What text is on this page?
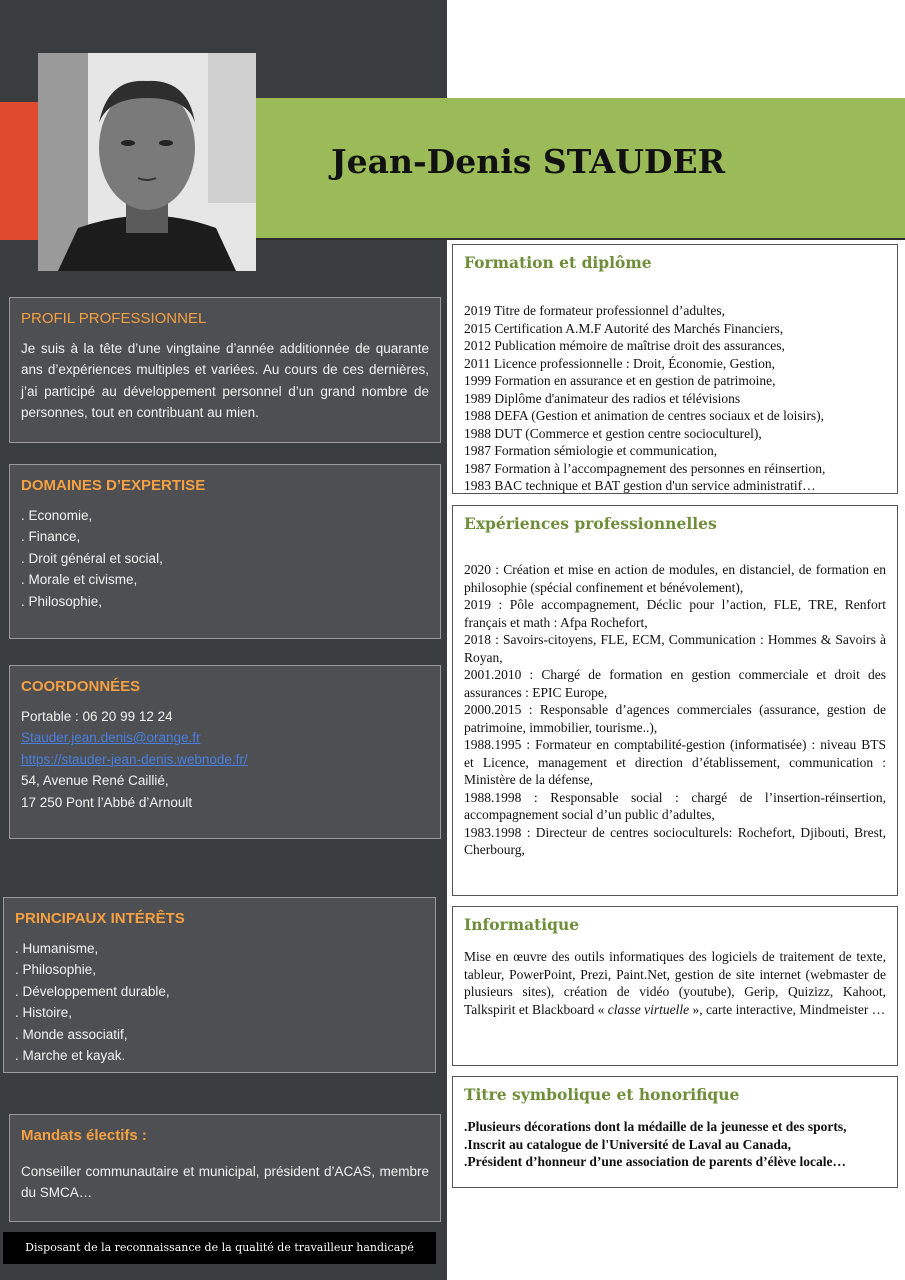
Jean-Denis STAUDER
PROFIL PROFESSIONNEL
Je suis à la tête d’une vingtaine d’année additionnée de quarante ans d’expériences multiples et variées. Au cours de ces dernières, j’ai participé au développement personnel d’un grand nombre de personnes, tout en contribuant au mien.
DOMAINES D’EXPERTISE
. Economie,
. Finance,
. Droit général et social,
. Morale et civisme,
. Philosophie,
COORDONNÉES
Portable : 06 20 99 12 24
Stauder.jean.denis@orange.fr
https://stauder-jean-denis.webnode.fr/
54, Avenue René Caillié,
17 250 Pont l’Abbé d’Arnoult
PRINCIPAUX INTÉRÊTS
. Humanisme,
. Philosophie,
. Développement durable,
. Histoire,
. Monde associatif,
. Marche et kayak.
Mandats électifs :
Conseiller communautaire et municipal, président d’ACAS, membre du SMCA…
Disposant de la reconnaissance de la qualité de travailleur handicapé
Formation et diplôme
2019 Titre de formateur professionnel d’adultes,
2015 Certification A.M.F Autorité des Marchés Financiers,
2012 Publication mémoire de maîtrise droit des assurances,
2011 Licence professionnelle : Droit, Économie, Gestion,
1999 Formation en assurance et en gestion de patrimoine,
1989 Diplôme d'animateur des radios et télévisions
1988 DEFA (Gestion et animation de centres sociaux et de loisirs),
1988 DUT (Commerce et gestion centre socioculturel),
1987 Formation sémiologie et communication,
1987 Formation à l’accompagnement des personnes en réinsertion,
1983 BAC technique et BAT gestion d'un service administratif…
Expériences professionnelles
2020 : Création et mise en action de modules, en distanciel, de formation en philosophie (spécial confinement et bénévolement),
2019 : Pôle accompagnement, Déclic pour l’action, FLE, TRE, Renfort français et math : Afpa Rochefort,
2018 : Savoirs-citoyens, FLE, ECM, Communication : Hommes & Savoirs à Royan,
2001.2010 : Chargé de formation en gestion commerciale et droit des assurances : EPIC Europe,
2000.2015 : Responsable d’agences commerciales (assurance, gestion de patrimoine, immobilier, tourisme..),
1988.1995 : Formateur en comptabilité-gestion (informatisée) : niveau BTS et Licence, management et direction d’établissement, communication : Ministère de la défense,
1988.1998 : Responsable social : chargé de l’insertion-réinsertion, accompagnement social d’un public d’adultes,
1983.1998 : Directeur de centres socioculturels: Rochefort, Djibouti, Brest, Cherbourg,
Informatique
Mise en œuvre des outils informatiques des logiciels de traitement de texte, tableur, PowerPoint, Prezi, Paint.Net, gestion de site internet (webmaster de plusieurs sites), création de vidéo (youtube), Gerip, Quizizz, Kahoot, Talkspirit et Blackboard « classe virtuelle », carte interactive, Mindmeister …
Titre symbolique et honorifique
.Plusieurs décorations dont la médaille de la jeunesse et des sports,
.Inscrit au catalogue de l'Université de Laval au Canada,
.Président d’honneur d’une association de parents d’élève locale…
